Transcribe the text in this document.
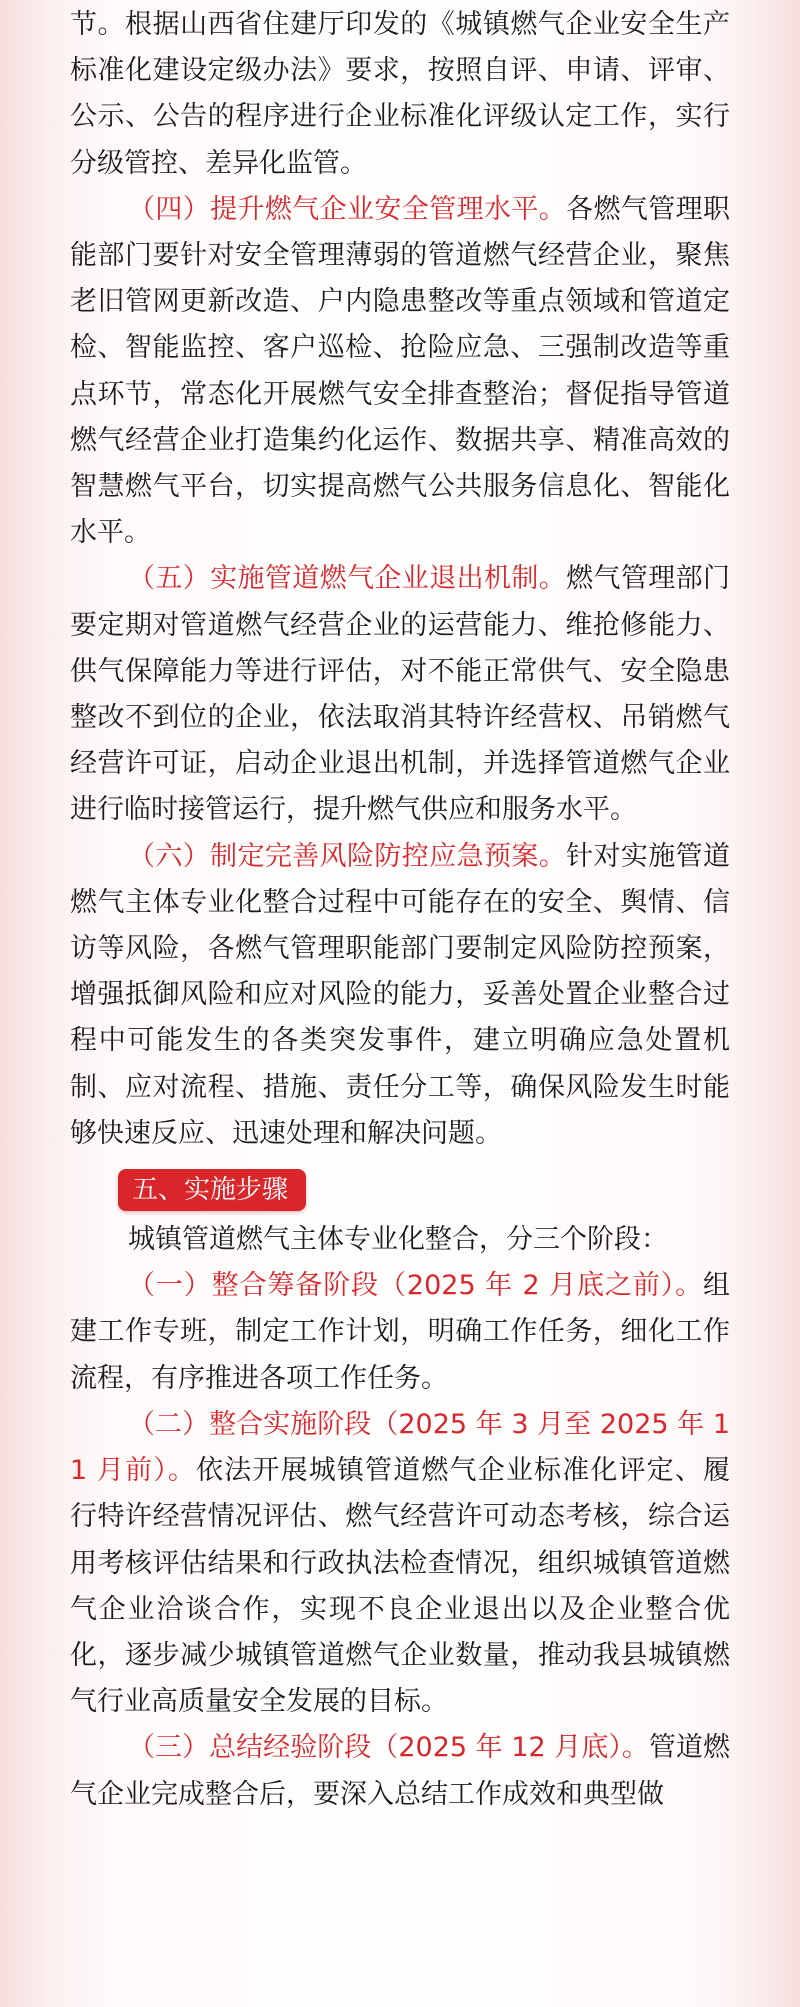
节。根据山西省住建厅印发的《城镇燃气企业安全生产标准化建设定级办法》要求，按照自评、申请、评审、公示、公告的程序进行企业标准化评级认定工作，实行分级管控、差异化监管。

（四）提升燃气企业安全管理水平。各燃气管理职能部门要针对安全管理薄弱的管道燃气经营企业，聚焦老旧管网更新改造、户内隐患整改等重点领域和管道定检、智能监控、客户巡检、抢险应急、三强制改造等重点环节，常态化开展燃气安全排查整治；督促指导管道燃气经营企业打造集约化运作、数据共享、精准高效的智慧燃气平台，切实提高燃气公共服务信息化、智能化水平。

（五）实施管道燃气企业退出机制。燃气管理部门要定期对管道燃气经营企业的运营能力、维抢修能力、供气保障能力等进行评估，对不能正常供气、安全隐患整改不到位的企业，依法取消其特许经营权、吊销燃气经营许可证，启动企业退出机制，并选择管道燃气企业进行临时接管运行，提升燃气供应和服务水平。

（六）制定完善风险防控应急预案。针对实施管道燃气主体专业化整合过程中可能存在的安全、舆情、信访等风险，各燃气管理职能部门要制定风险防控预案，增强抵御风险和应对风险的能力，妥善处置企业整合过程中可能发生的各类突发事件，建立明确应急处置机制、应对流程、措施、责任分工等，确保风险发生时能够快速反应、迅速处理和解决问题。

五、实施步骤

城镇管道燃气主体专业化整合，分三个阶段：

（一）整合筹备阶段（2025 年 2 月底之前）。组建工作专班，制定工作计划，明确工作任务，细化工作流程，有序推进各项工作任务。

（二）整合实施阶段（2025 年 3 月至 2025 年 11 月前）。依法开展城镇管道燃气企业标准化评定、履行特许经营情况评估、燃气经营许可动态考核，综合运用考核评估结果和行政执法检查情况，组织城镇管道燃气企业洽谈合作，实现不良企业退出以及企业整合优化，逐步减少城镇管道燃气企业数量，推动我县城镇燃气行业高质量安全发展的目标。

（三）总结经验阶段（2025 年 12 月底）。管道燃气企业完成整合后，要深入总结工作成效和典型做
